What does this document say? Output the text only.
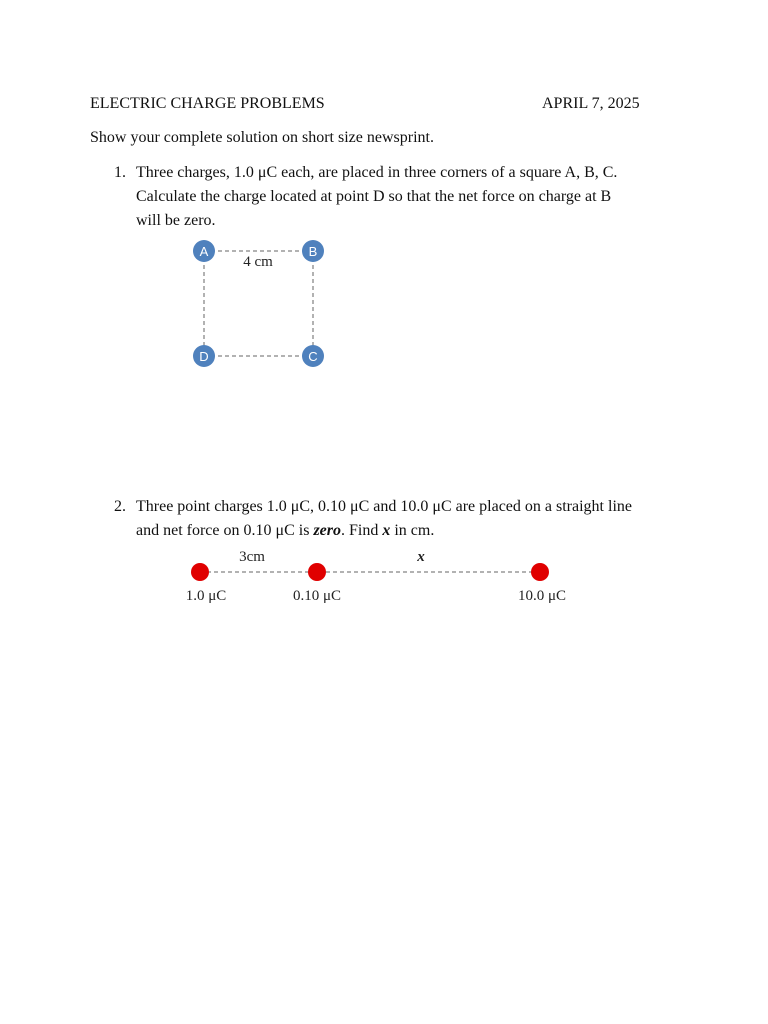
ELECTRIC CHARGE PROBLEMS	APRIL 7, 2025

Show your complete solution on short size newsprint.

1. Three charges, 1.0 μC each, are placed in three corners of a square A, B, C.
Calculate the charge located at point D so that the net force on charge at B
will be zero.
4 cm
A	B
C
D
2. Three point charges 1.0 μC, 0.10 μC and 10.0 μC are placed on a straight line
and net force on 0.10 μC is zero. Find x in cm.
3cm	x
1.0 μC	0.10 μC	10.0 μC
